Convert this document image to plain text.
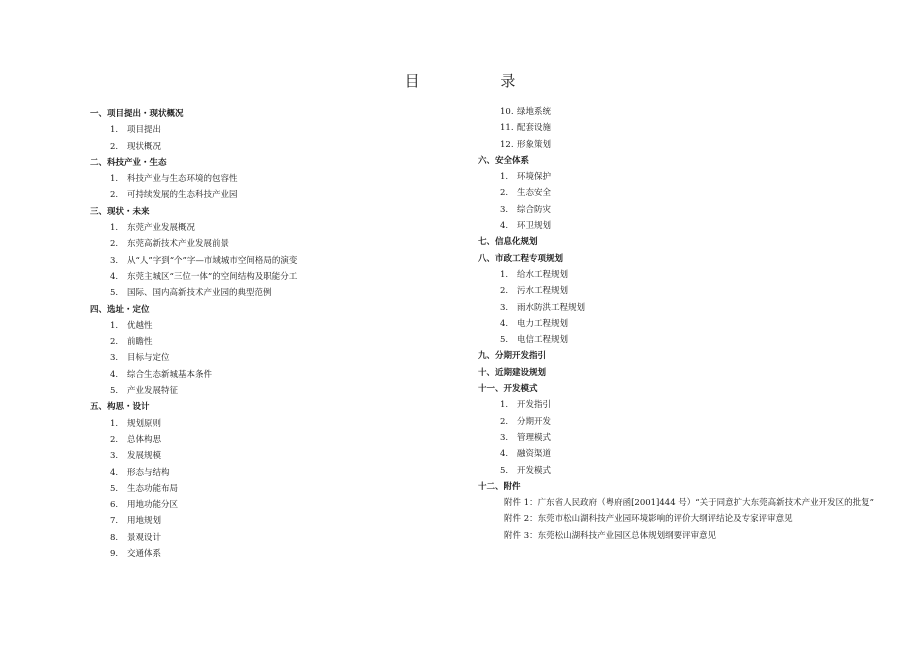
目 录
一、项目提出・现状概况
1. 项目提出
2. 现状概况
二、科技产业・生态
1. 科技产业与生态环境的包容性
2. 可持续发展的生态科技产业园
三、现状・未来
1. 东莞产业发展概况
2. 东莞高新技术产业发展前景
3. 从“人”字到“个”字—市域城市空间格局的演变
4. 东莞主城区“三位一体”的空间结构及职能分工
5. 国际、国内高新技术产业园的典型范例
四、选址・定位
1. 优越性
2. 前瞻性
3. 目标与定位
4. 综合生态新城基本条件
5. 产业发展特征
五、构思・设计
1. 规划原则
2. 总体构思
3. 发展规模
4. 形态与结构
5. 生态功能布局
6. 用地功能分区
7. 用地规划
8. 景观设计
9. 交通体系
10. 绿地系统
11. 配套设施
12. 形象策划
六、安全体系
1. 环境保护
2. 生态安全
3. 综合防灾
4. 环卫规划
七、信息化规划
八、市政工程专项规划
1. 给水工程规划
2. 污水工程规划
3. 雨水防洪工程规划
4. 电力工程规划
5. 电信工程规划
九、分期开发指引
十、近期建设规划
十一、开发模式
1. 开发指引
2. 分期开发
3. 管理模式
4. 融资渠道
5. 开发模式
十二、附件
附件 1：广东省人民政府（粤府函[2001]444 号）“关于同意扩大东莞高新技术产业开发区的批复”
附件 2：东莞市松山湖科技产业园环境影响的评价大纲评结论及专家评审意见
附件 3：东莞松山湖科技产业园区总体规划纲要评审意见
